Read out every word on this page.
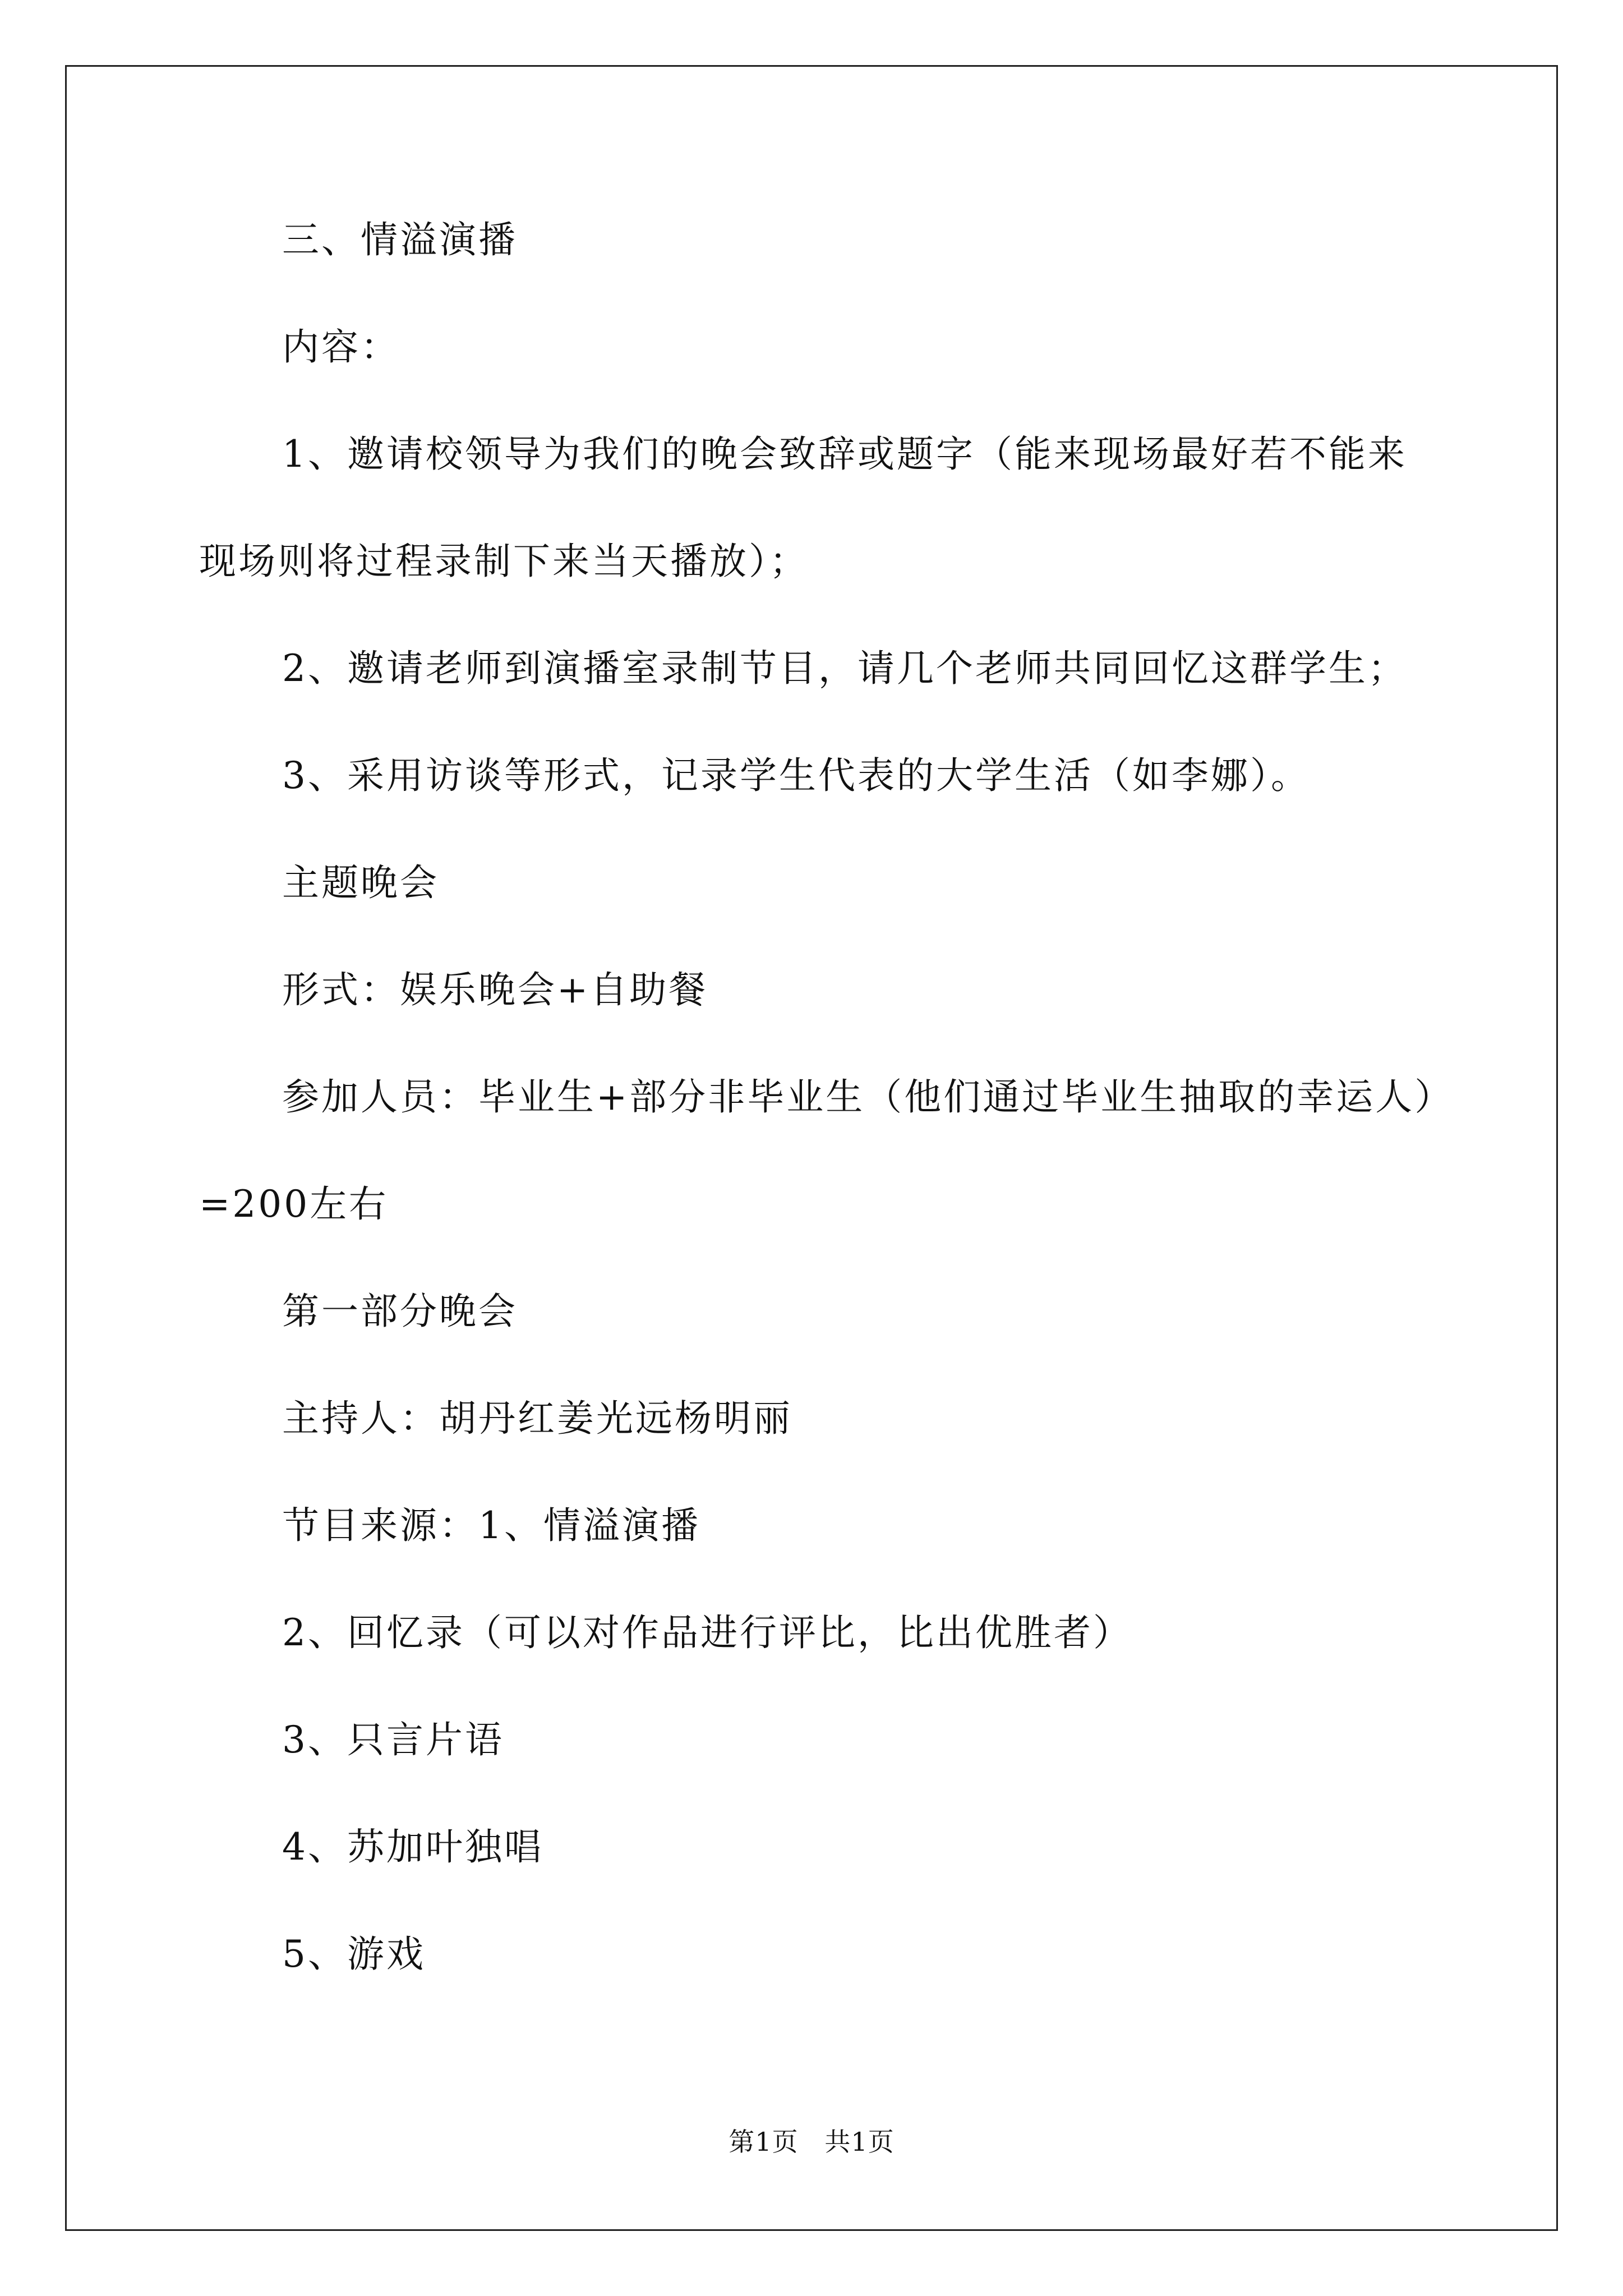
三、情溢演播

内容：

1、邀请校领导为我们的晚会致辞或题字（能来现场最好若不能来
现场则将过程录制下来当天播放）；

2、邀请老师到演播室录制节目，请几个老师共同回忆这群学生；

3、采用访谈等形式，记录学生代表的大学生活（如李娜）。

主题晚会

形式：娱乐晚会+自助餐

参加人员：毕业生+部分非毕业生（他们通过毕业生抽取的幸运人）
=200左右

第一部分晚会

主持人：胡丹红姜光远杨明丽

节目来源：1、情溢演播

2、回忆录（可以对作品进行评比，比出优胜者）

3、只言片语

4、苏加叶独唱

5、游戏

第1页   共1页
